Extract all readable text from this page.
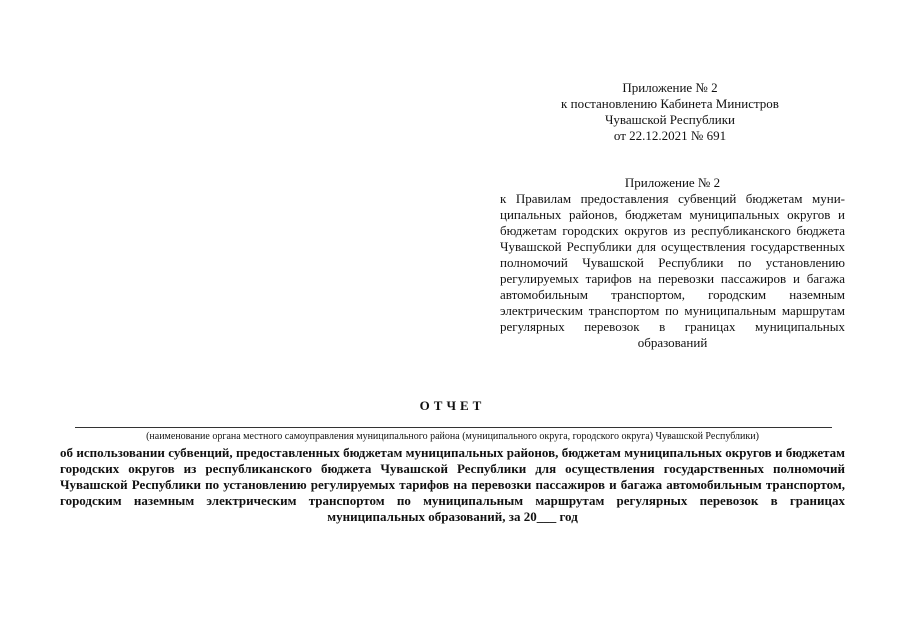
Приложение № 2
к постановлению Кабинета Министров
Чувашской Республики
от 22.12.2021 № 691
Приложение № 2
к Правилам предоставления субвенций бюджетам муниципальных районов, бюджетам муниципальных округов и бюджетам городских округов из республиканского бюджета Чувашской Республики для осуществления государственных полномочий Чувашской Республики по установлению регулируемых тарифов на перевозки пассажиров и багажа автомобильным транспортом, городским наземным электрическим транспортом по муниципальным маршрутам регулярных перевозок в границах муниципальных образований
ОТЧЕТ
(наименование органа местного самоуправления муниципального района (муниципального округа, городского округа) Чувашской Республики)
об использовании субвенций, предоставленных бюджетам муниципальных районов, бюджетам муниципальных округов и бюджетам городских округов из республиканского бюджета Чувашской Республики для осуществления государственных полномочий Чувашской Республики по установлению регулируемых тарифов на перевозки пассажиров и багажа автомобильным транспортом, городским наземным электрическим транспортом по муниципальным маршрутам регулярных перевозок в границах муниципальных образований, за 20___ год
